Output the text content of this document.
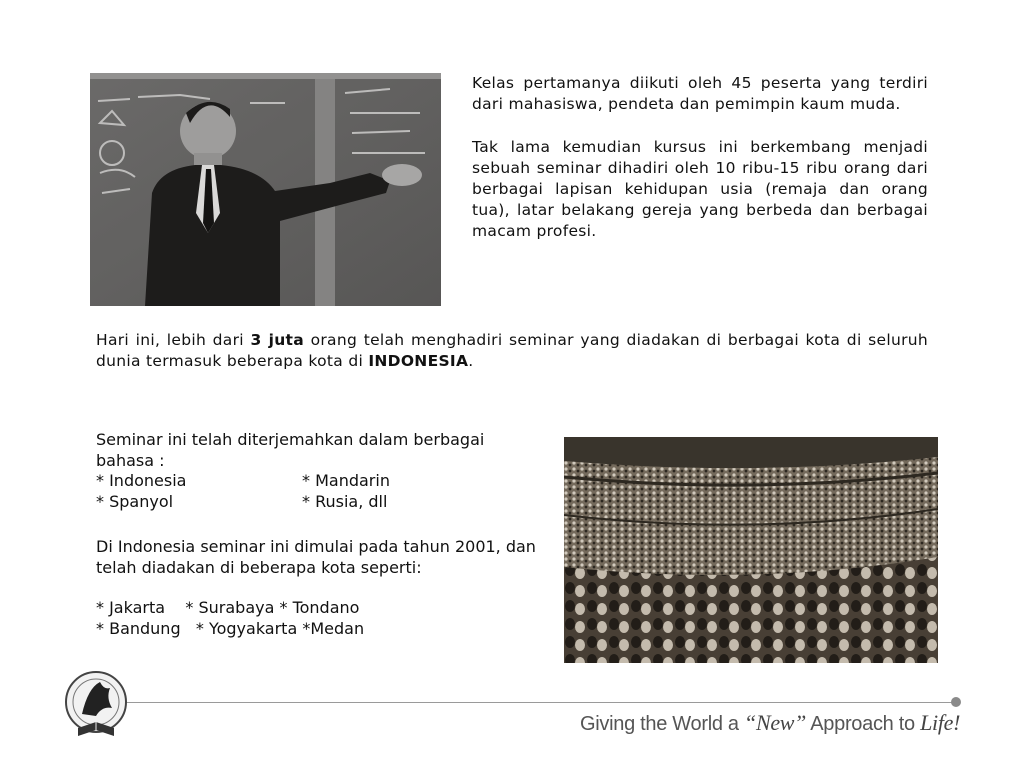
Kelas pertamanya diikuti oleh 45 peserta yang terdiri dari mahasiswa, pendeta dan pemimpin kaum muda.

Tak lama kemudian kursus ini berkembang menjadi sebuah seminar dihadiri oleh 10 ribu-15 ribu orang dari berbagai lapisan kehidupan usia (remaja dan orang tua), latar belakang gereja yang berbeda dan berbagai macam profesi.

Hari ini, lebih dari 3 juta orang telah menghadiri seminar yang diadakan di berbagai kota di seluruh dunia termasuk beberapa kota di INDONESIA.

Seminar ini telah diterjemahkan dalam berbagai bahasa :

* Indonesia	* Mandarin
* Spanyol	* Rusia, dll

Di Indonesia seminar ini dimulai pada tahun 2001, dan telah diadakan di beberapa kota seperti:

* Jakarta    * Surabaya * Tondano

* Bandung   * Yogyakarta *Medan

Giving the World a “New” Approach to Life!
